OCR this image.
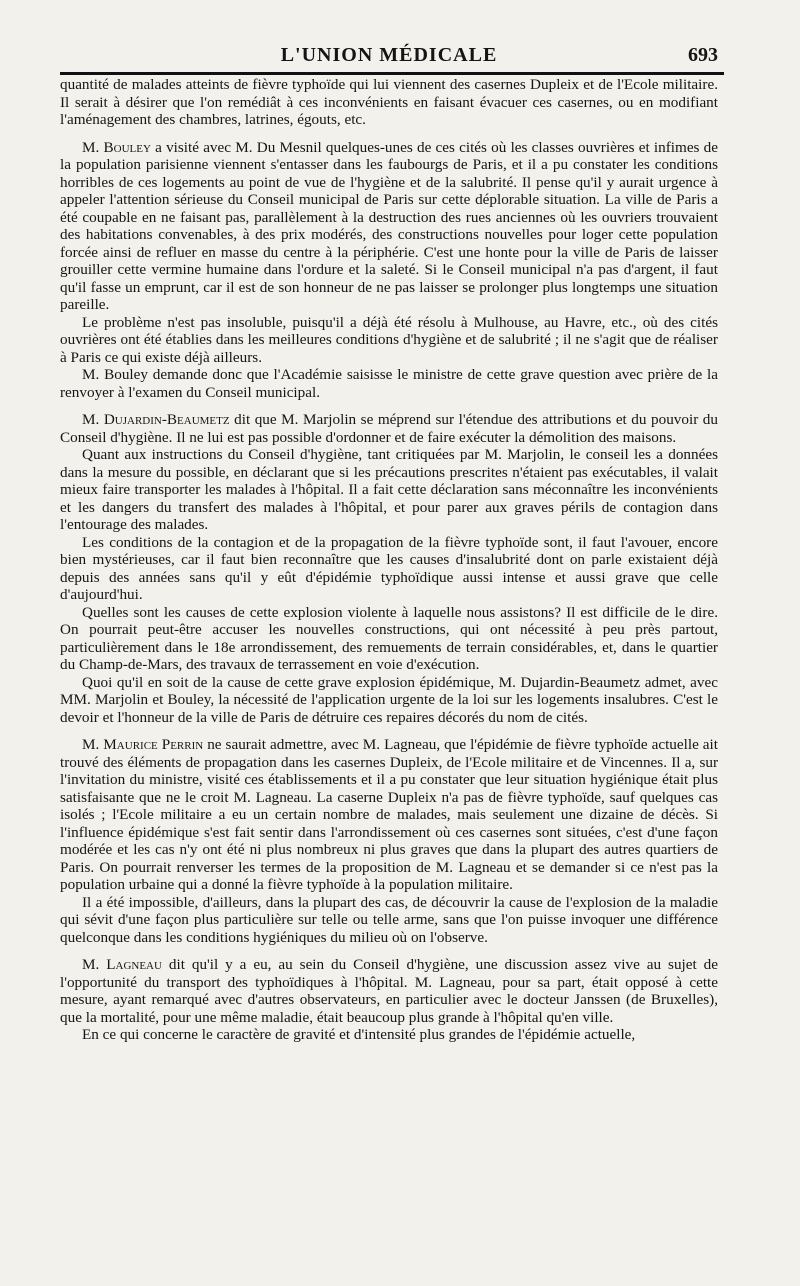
L'UNION MÉDICALE	693

quantité de malades atteints de fièvre typhoïde qui lui viennent des casernes Dupleix et de l'Ecole militaire. Il serait à désirer que l'on remédiât à ces inconvénients en faisant évacuer ces casernes, ou en modifiant l'aménagement des chambres, latrines, égouts, etc.

M. Bouley a visité avec M. Du Mesnil quelques-unes de ces cités où les classes ouvrières et infimes de la population parisienne viennent s'entasser dans les faubourgs de Paris, et il a pu constater les conditions horribles de ces logements au point de vue de l'hygiène et de la salubrité. Il pense qu'il y aurait urgence à appeler l'attention sérieuse du Conseil municipal de Paris sur cette déplorable situation. La ville de Paris a été coupable en ne faisant pas, parallèlement à la destruction des rues anciennes où les ouvriers trouvaient des habitations convenables, à des prix modérés, des constructions nouvelles pour loger cette population forcée ainsi de refluer en masse du centre à la périphérie. C'est une honte pour la ville de Paris de laisser grouiller cette vermine humaine dans l'ordure et la saleté. Si le Conseil municipal n'a pas d'argent, il faut qu'il fasse un emprunt, car il est de son honneur de ne pas laisser se prolonger plus longtemps une situation pareille.

Le problème n'est pas insoluble, puisqu'il a déjà été résolu à Mulhouse, au Havre, etc., où des cités ouvrières ont été établies dans les meilleures conditions d'hygiène et de salubrité ; il ne s'agit que de réaliser à Paris ce qui existe déjà ailleurs.

M. Bouley demande donc que l'Académie saisisse le ministre de cette grave question avec prière de la renvoyer à l'examen du Conseil municipal.

M. Dujardin-Beaumetz dit que M. Marjolin se méprend sur l'étendue des attributions et du pouvoir du Conseil d'hygiène. Il ne lui est pas possible d'ordonner et de faire exécuter la démolition des maisons.

Quant aux instructions du Conseil d'hygiène, tant critiquées par M. Marjolin, le conseil les a données dans la mesure du possible, en déclarant que si les précautions prescrites n'étaient pas exécutables, il valait mieux faire transporter les malades à l'hôpital. Il a fait cette déclaration sans méconnaître les inconvénients et les dangers du transfert des malades à l'hôpital, et pour parer aux graves périls de contagion dans l'entourage des malades.

Les conditions de la contagion et de la propagation de la fièvre typhoïde sont, il faut l'avouer, encore bien mystérieuses, car il faut bien reconnaître que les causes d'insalubrité dont on parle existaient déjà depuis des années sans qu'il y eût d'épidémie typhoïdique aussi intense et aussi grave que celle d'aujourd'hui.

Quelles sont les causes de cette explosion violente à laquelle nous assistons? Il est difficile de le dire. On pourrait peut-être accuser les nouvelles constructions, qui ont nécessité à peu près partout, particulièrement dans le 18e arrondissement, des remuements de terrain considérables, et, dans le quartier du Champ-de-Mars, des travaux de terrassement en voie d'exécution.

Quoi qu'il en soit de la cause de cette grave explosion épidémique, M. Dujardin-Beaumetz admet, avec MM. Marjolin et Bouley, la nécessité de l'application urgente de la loi sur les logements insalubres. C'est le devoir et l'honneur de la ville de Paris de détruire ces repaires décorés du nom de cités.

M. Maurice Perrin ne saurait admettre, avec M. Lagneau, que l'épidémie de fièvre typhoïde actuelle ait trouvé des éléments de propagation dans les casernes Dupleix, de l'Ecole militaire et de Vincennes. Il a, sur l'invitation du ministre, visité ces établissements et il a pu constater que leur situation hygiénique était plus satisfaisante que ne le croit M. Lagneau. La caserne Dupleix n'a pas de fièvre typhoïde, sauf quelques cas isolés ; l'Ecole militaire a eu un certain nombre de malades, mais seulement une dizaine de décès. Si l'influence épidémique s'est fait sentir dans l'arrondissement où ces casernes sont situées, c'est d'une façon modérée et les cas n'y ont été ni plus nombreux ni plus graves que dans la plupart des autres quartiers de Paris. On pourrait renverser les termes de la proposition de M. Lagneau et se demander si ce n'est pas la population urbaine qui a donné la fièvre typhoïde à la population militaire.

Il a été impossible, d'ailleurs, dans la plupart des cas, de découvrir la cause de l'explosion de la maladie qui sévit d'une façon plus particulière sur telle ou telle arme, sans que l'on puisse invoquer une différence quelconque dans les conditions hygiéniques du milieu où on l'observe.

M. Lagneau dit qu'il y a eu, au sein du Conseil d'hygiène, une discussion assez vive au sujet de l'opportunité du transport des typhoïdiques à l'hôpital. M. Lagneau, pour sa part, était opposé à cette mesure, ayant remarqué avec d'autres observateurs, en particulier avec le docteur Janssen (de Bruxelles), que la mortalité, pour une même maladie, était beaucoup plus grande à l'hôpital qu'en ville.

En ce qui concerne le caractère de gravité et d'intensité plus grandes de l'épidémie actuelle,
